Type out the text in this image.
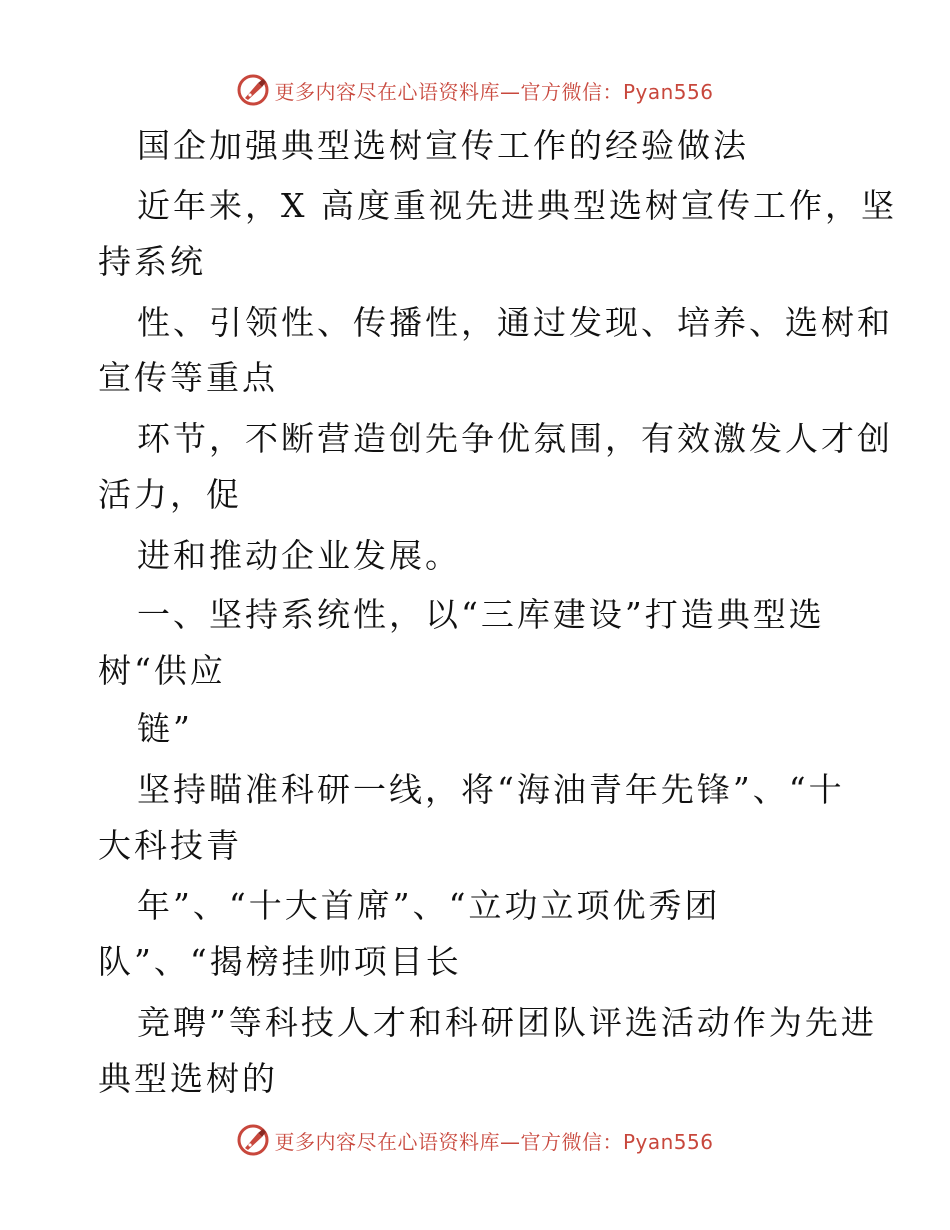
更多内容尽在心语资料库—官方微信：Pyan556
国企加强典型选树宣传工作的经验做法
近年来，X 高度重视先进典型选树宣传工作，坚
持系统
性、引领性、传播性，通过发现、培养、选树和
宣传等重点
环节，不断营造创先争优氛围，有效激发人才创
活力，促
进和推动企业发展。
一、坚持系统性，以“三库建设”打造典型选
树“供应
链”
坚持瞄准科研一线，将“海油青年先锋”、“十
大科技青
年”、“十大首席”、“立功立项优秀团
队”、“揭榜挂帅项目长
竞聘”等科技人才和科研团队评选活动作为先进
典型选树的
更多内容尽在心语资料库—官方微信：Pyan556
